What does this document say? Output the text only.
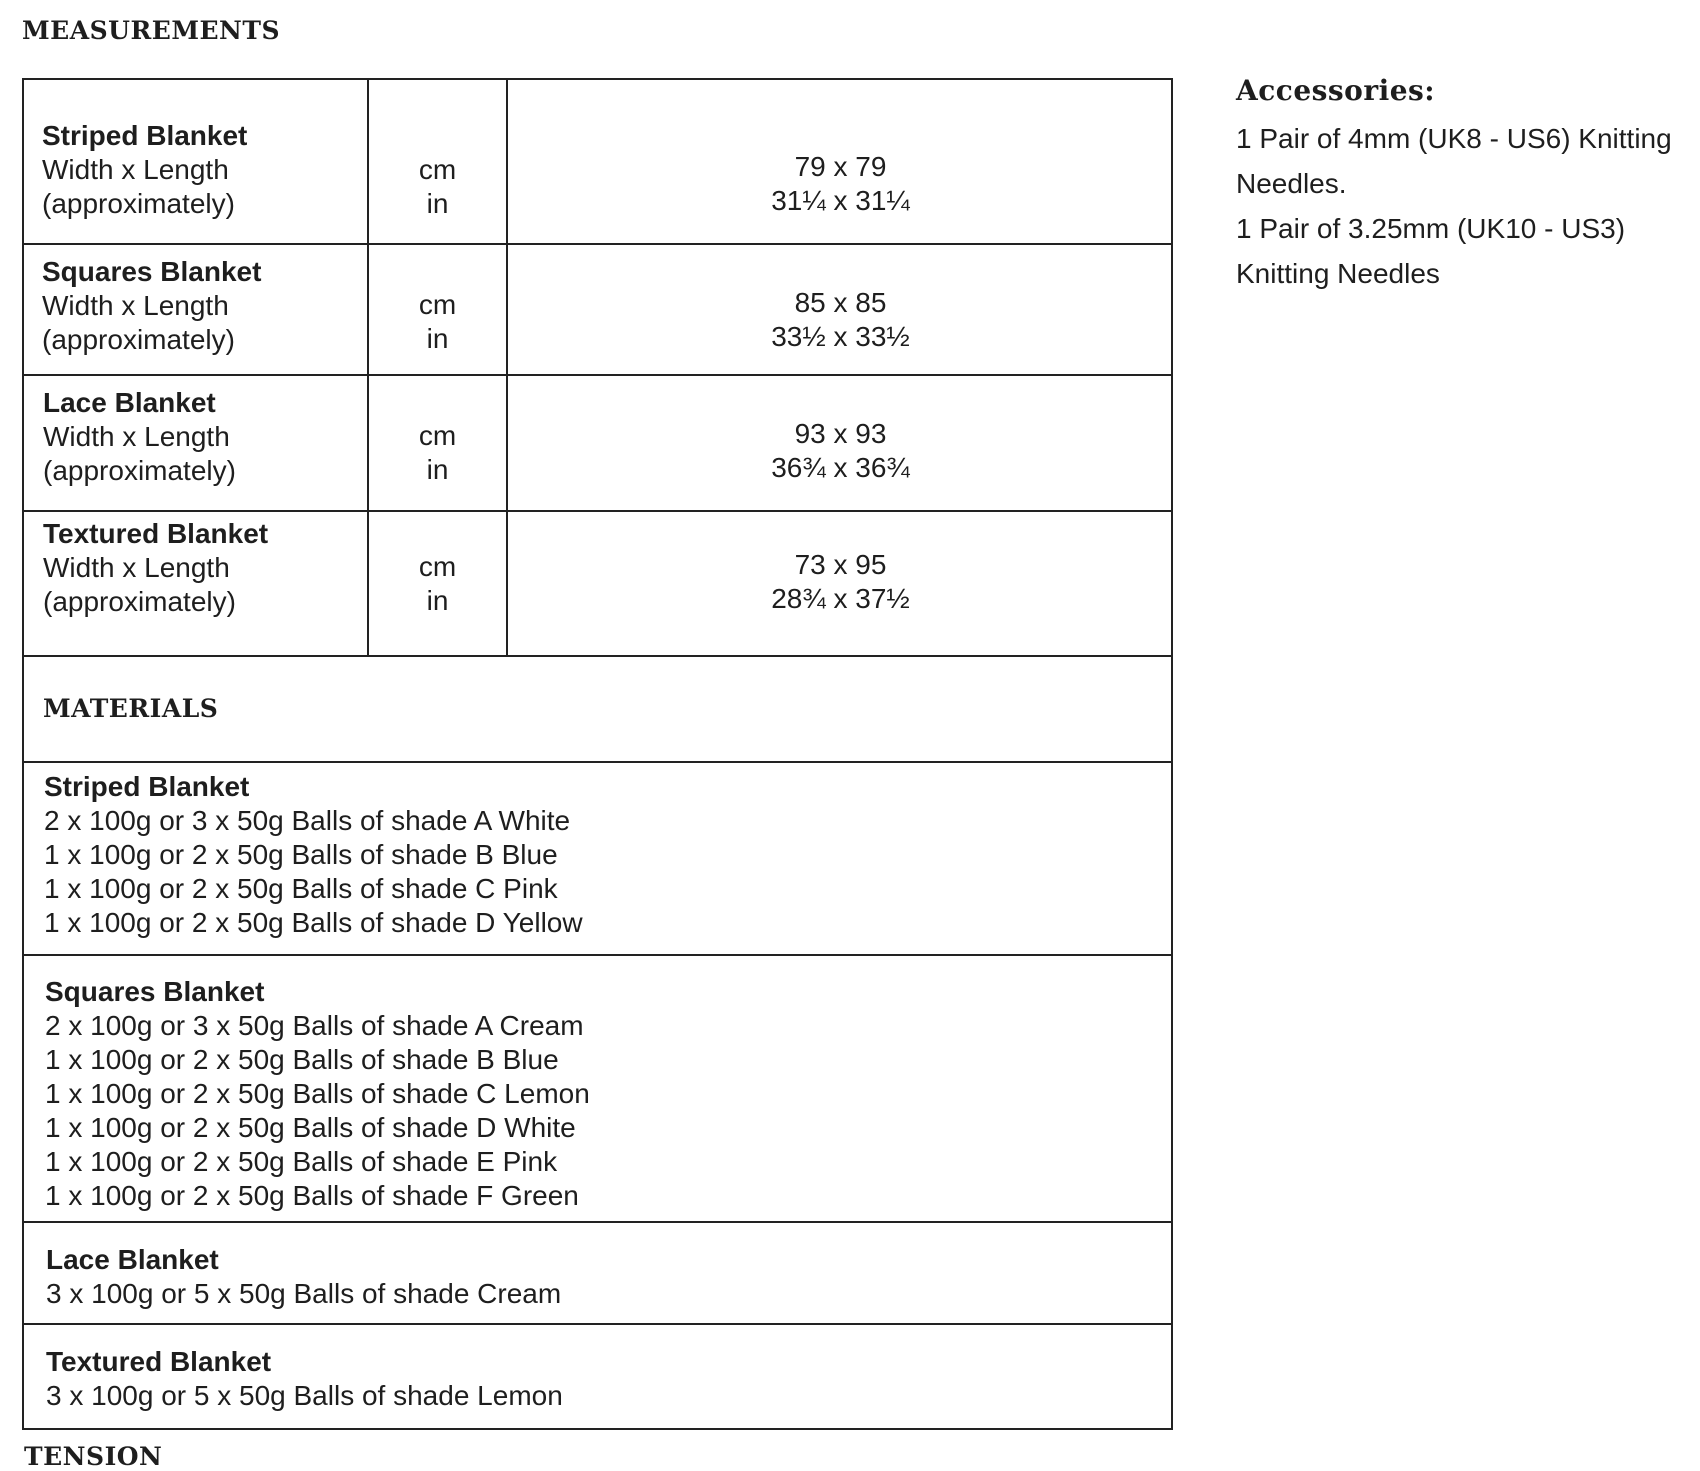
MEASUREMENTS
Striped Blanket
Width x Length
(approximately)
cm
in
79 x 79
31¼ x 31¼
Squares Blanket
Width x Length
(approximately)
cm
in
85 x 85
33½ x 33½
Lace Blanket
Width x Length
(approximately)
cm
in
93 x 93
36¾ x 36¾
Textured Blanket
Width x Length
(approximately)
cm
in
73 x 95
28¾ x 37½
MATERIALS
Striped Blanket
2 x 100g or 3 x 50g Balls of shade A White
1 x 100g or 2 x 50g Balls of shade B Blue
1 x 100g or 2 x 50g Balls of shade C Pink
1 x 100g or 2 x 50g Balls of shade D Yellow
Squares Blanket
2 x 100g or 3 x 50g Balls of shade A Cream
1 x 100g or 2 x 50g Balls of shade B Blue
1 x 100g or 2 x 50g Balls of shade C Lemon
1 x 100g or 2 x 50g Balls of shade D White
1 x 100g or 2 x 50g Balls of shade E Pink
1 x 100g or 2 x 50g Balls of shade F Green
Lace Blanket
3 x 100g or 5 x 50g Balls of shade Cream
Textured Blanket
3 x 100g or 5 x 50g Balls of shade Lemon
Accessories:
1 Pair of 4mm (UK8 - US6) Knitting
Needles.
1 Pair of 3.25mm (UK10 - US3)
Knitting Needles
TENSION
